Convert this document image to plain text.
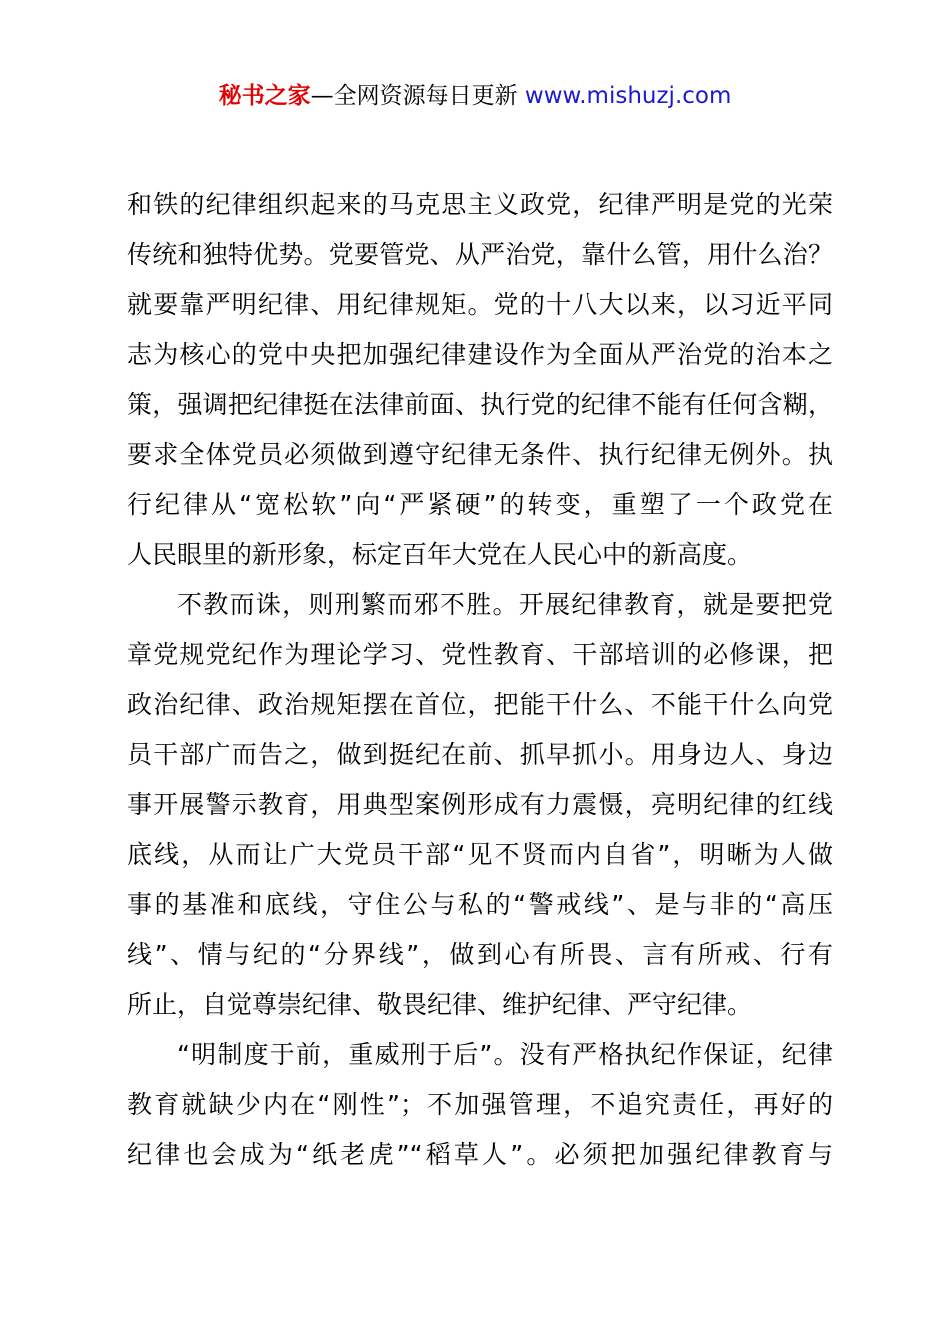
秘书之家—全网资源每日更新 www.mishuzj.com
和铁的纪律组织起来的马克思主义政党，纪律严明是党的光荣
传统和独特优势。党要管党、从严治党，靠什么管，用什么治？
就要靠严明纪律、用纪律规矩。党的十八大以来，以习近平同
志为核心的党中央把加强纪律建设作为全面从严治党的治本之
策，强调把纪律挺在法律前面、执行党的纪律不能有任何含糊，
要求全体党员必须做到遵守纪律无条件、执行纪律无例外。执
行纪律从“宽松软”向“严紧硬”的转变，重塑了一个政党在
人民眼里的新形象，标定百年大党在人民心中的新高度。
不教而诛，则刑繁而邪不胜。开展纪律教育，就是要把党
章党规党纪作为理论学习、党性教育、干部培训的必修课，把
政治纪律、政治规矩摆在首位，把能干什么、不能干什么向党
员干部广而告之，做到挺纪在前、抓早抓小。用身边人、身边
事开展警示教育，用典型案例形成有力震慑，亮明纪律的红线
底线，从而让广大党员干部“见不贤而内自省”，明晰为人做
事的基准和底线，守住公与私的“警戒线”、是与非的“高压
线”、情与纪的“分界线”，做到心有所畏、言有所戒、行有
所止，自觉尊崇纪律、敬畏纪律、维护纪律、严守纪律。
“明制度于前，重威刑于后”。没有严格执纪作保证，纪律
教育就缺少内在“刚性”；不加强管理，不追究责任，再好的
纪律也会成为“纸老虎”“稻草人”。必须把加强纪律教育与
